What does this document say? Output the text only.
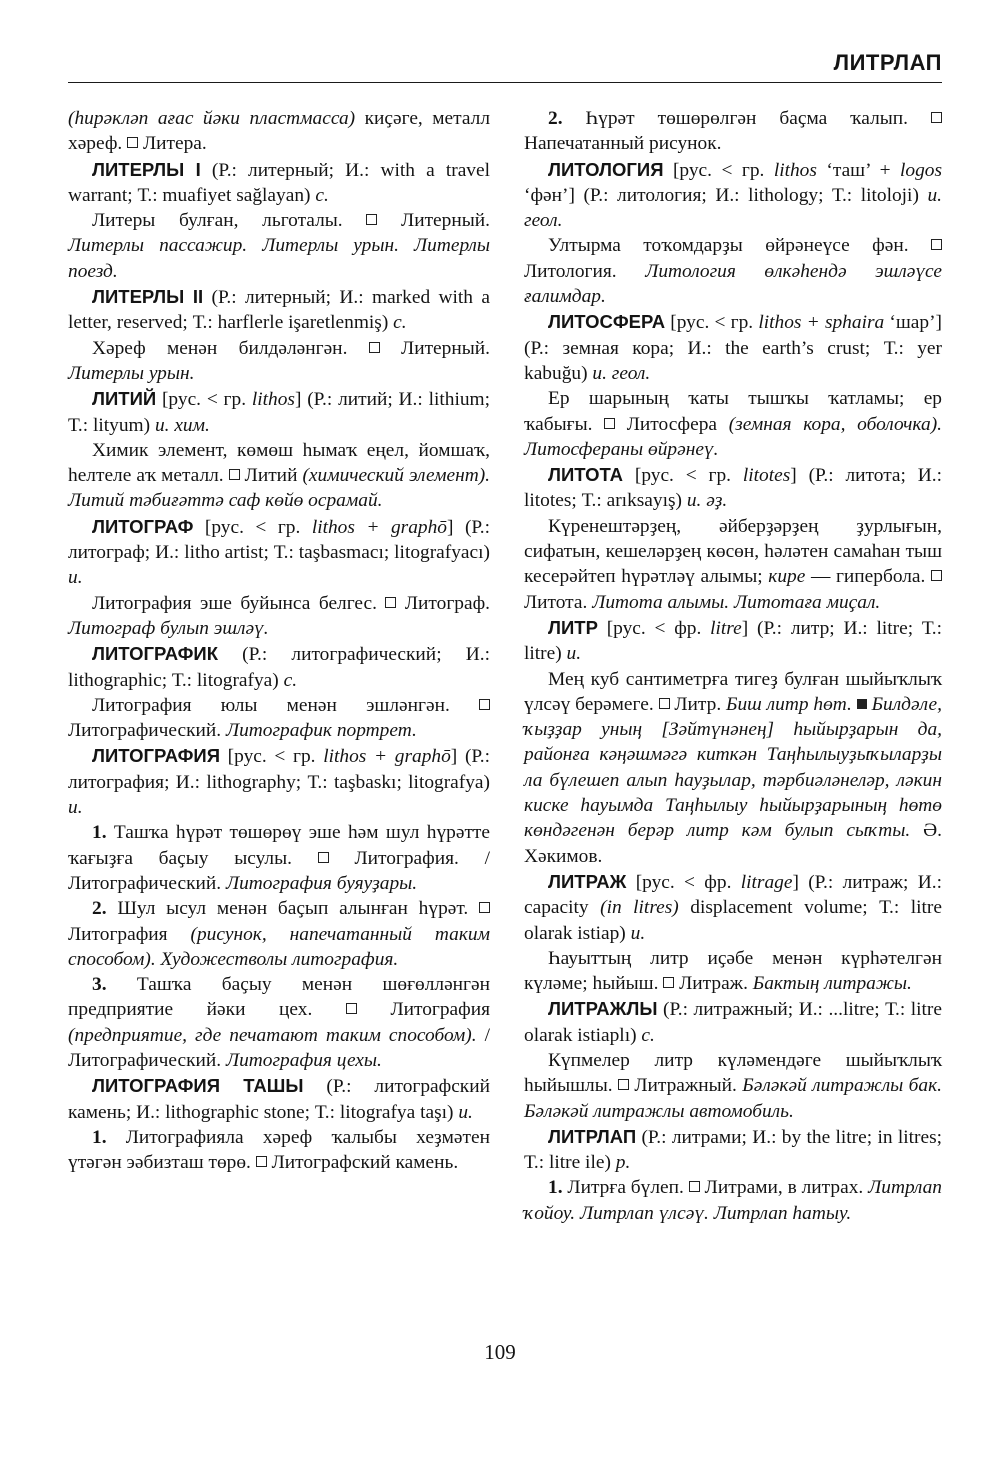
ЛИТРЛАП

(һирәкләп ағас йәки пластмасса) киҫәге, металл хәреф.  Литера.

ЛИТЕРЛЫ I (Р.: литерный; И.: with a travel warrant; Т.: muafiyet sağlayan) с.

Литеры булған, льготалы.  Литерный. Литерлы пассажир. Литерлы урын. Литерлы поезд.

ЛИТЕРЛЫ II (Р.: литерный; И.: marked with a letter, reserved; Т.: harflerle işaretlenmiş) с.

Хәреф менән билдәләнгән.  Литерный. Литерлы урын.

ЛИТИЙ [рус. < гр. lithos] (Р.: литий; И.: lithium; Т.: lityum) и. хим.

Химик элемент, көмөш һымаҡ еңел, йомшаҡ, һелтеле аҡ металл.  Литий (химический элемент). Литий тәбиғәттә саф көйө осрамай.

ЛИТОГРАФ [рус. < гр. lithos + graphō] (Р.: литограф; И.: litho artist; Т.: taşbasmacı; litografyacı) и.

Литография эше буйынса белгес.  Литограф. Литограф булып эшләү.

ЛИТОГРАФИК (Р.: литографический; И.: lithographic; Т.: litografya) с.

Литография юлы менән эшләнгән.  Литографический. Литографик портрет.

ЛИТОГРАФИЯ [рус. < гр. lithos + graphō] (Р.: литография; И.: lithography; Т.: taşbaskı; litografya) и.

1. Ташҡа һүрәт төшөрөү эше һәм шул һүрәтте ҡағыҙға баҫыу ысулы.  Литография. / Литографический. Литография буяуҙары.

2. Шул ысул менән баҫып алынған һүрәт.  Литография (рисунок, напечатанный таким способом). Художестволы литография.

3. Ташҡа баҫыу менән шөғөлләнгән предприятие йәки цех.  Литография (предприятие, где печатают таким способом). / Литографический. Литография цехы.

ЛИТОГРАФИЯ ТАШЫ (Р.: литографский камень; И.: lithographic stone; Т.: litografya taşı) и.

1. Литографияла хәреф ҡалыбы хеҙмәтен үтәгән эәбизташ төрө.  Литографский камень.

2. Һүрәт төшөрөлгән баҫма ҡалып.  Напечатанный рисунок.

ЛИТОЛОГИЯ [рус. < гр. lithos ‘таш’ + logos ‘фән’] (Р.: литология; И.: lithology; Т.: litoloji) и. геол.

Ултырма тоҡомдарҙы өйрәнеүсе фән.  Литология. Литология өлкәһендә эшләүсе ғалимдар.

ЛИТОСФЕРА [рус. < гр. lithos + sphaira ‘шар’] (Р.: земная кора; И.: the earth’s crust; Т.: yer kabuğu) и. геол.

Ер шарының ҡаты тышҡы ҡатламы; ер ҡабығы.  Литосфера (земная кора, оболочка). Литосфераны өйрәнеү.

ЛИТОТА [рус. < гр. litotes] (Р.: литота; И.: litotes; Т.: arıksayış) и. әҙ.

Күренештәрҙең, әйберҙәрҙең ҙурлығын, сифатын, кешеләрҙең көсөн, һәләтен самаһан тыш кесерәйтеп һүрәтләү алымы; кире — гипербола.  Литота. Литота алымы. Литотаға миҫал.

ЛИТР [рус. < фр. litre] (Р.: литр; И.: litre; Т.: litre) и.

Мең куб сантиметрға тигеҙ булған шыйыҡлыҡ үлсәү берәмеге.  Литр. Биш литр һөт.  Билдәле, ҡыҙҙар уның [Зәйтүнәнең] һыйырҙарын да, районға кәңәшмәгә киткән Таңһылыуҙыҡыларҙы ла бүлешеп алып һауҙылар, тәрбиәләнеләр, ләкин киске һауымда Таңһылыу һыйырҙарының һөтө көндәгенән берәр литр кәм булып сыҡты. Ә. Хәкимов.

ЛИТРАЖ [рус. < фр. litrage] (Р.: литраж; И.: capacity (in litres) displacement volume; Т.: litre olarak istiap) и.

Һауыттың литр иҫәбе менән күрһәтелгән күләме; һыйыш.  Литраж. Бактың литражы.

ЛИТРАЖЛЫ (Р.: литражный; И.: ...litre; Т.: litre olarak istiaplı) с.

Күпмелер литр күләмендәге шыйыҡлыҡ һыйышлы.  Литражный. Бәләкәй литражлы бак. Бәләкәй литражлы автомобиль.

ЛИТРЛАП (Р.: литрами; И.: by the litre; in litres; Т.: litre ile) р.

1. Литрға бүлеп.  Литрами, в литрах. Литрлап ҡойоу. Литрлап үлсәү. Литрлап һатыу.

109
